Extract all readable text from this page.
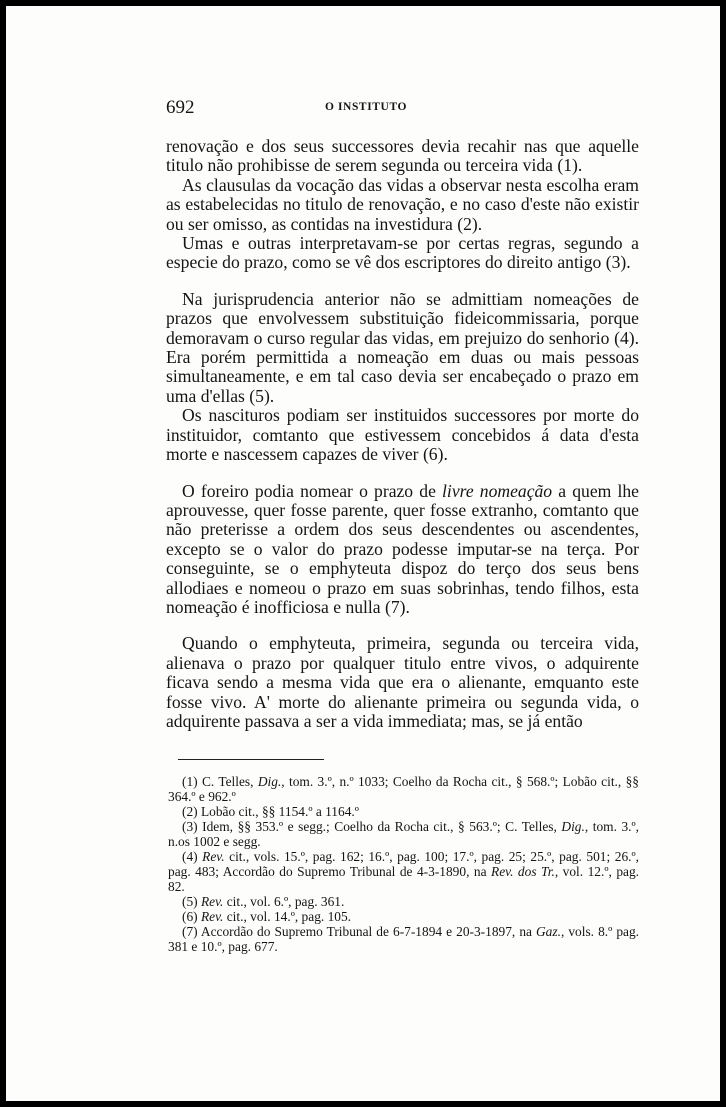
692	O INSTITUTO

renovação e dos seus successores devia recahir nas que aquelle titulo não prohibisse de serem segunda ou terceira vida (1).

As clausulas da vocação das vidas a observar nesta escolha eram as estabelecidas no titulo de renovação, e no caso d'este não existir ou ser omisso, as contidas na investidura (2).

Umas e outras interpretavam-se por certas regras, segundo a especie do prazo, como se vê dos escriptores do direito antigo (3).

Na jurisprudencia anterior não se admittiam nomeações de prazos que envolvessem substituição fideicommissaria, porque demoravam o curso regular das vidas, em prejuizo do senhorio (4). Era porém permittida a nomeação em duas ou mais pessoas simultaneamente, e em tal caso devia ser encabeçado o prazo em uma d'ellas (5).

Os nascituros podiam ser instituidos successores por morte do instituidor, comtanto que estivessem concebidos á data d'esta morte e nascessem capazes de viver (6).

O foreiro podia nomear o prazo de livre nomeação a quem lhe aprouvesse, quer fosse parente, quer fosse extranho, comtanto que não preterisse a ordem dos seus descendentes ou ascendentes, excepto se o valor do prazo podesse imputar-se na terça. Por conseguinte, se o emphyteuta dispoz do terço dos seus bens allodiaes e nomeou o prazo em suas sobrinhas, tendo filhos, esta nomeação é inofficiosa e nulla (7).

Quando o emphyteuta, primeira, segunda ou terceira vida, alienava o prazo por qualquer titulo entre vivos, o adquirente ficava sendo a mesma vida que era o alienante, emquanto este fosse vivo. A' morte do alienante primeira ou segunda vida, o adquirente passava a ser a vida immediata; mas, se já então

(1) C. Telles, Dig., tom. 3.º, n.º 1033; Coelho da Rocha cit., § 568.º; Lobão cit., §§ 364.º e 962.º

(2) Lobão cit., §§ 1154.º a 1164.º

(3) Idem, §§ 353.º e segg.; Coelho da Rocha cit., § 563.º; C. Telles, Dig., tom. 3.º, n.os 1002 e segg.

(4) Rev. cit., vols. 15.º, pag. 162; 16.º, pag. 100; 17.º, pag. 25; 25.º, pag. 501; 26.º, pag. 483; Accordão do Supremo Tribunal de 4-3-1890, na Rev. dos Tr., vol. 12.º, pag. 82.

(5) Rev. cit., vol. 6.º, pag. 361.

(6) Rev. cit., vol. 14.º, pag. 105.

(7) Accordão do Supremo Tribunal de 6-7-1894 e 20-3-1897, na Gaz., vols. 8.º pag. 381 e 10.º, pag. 677.
